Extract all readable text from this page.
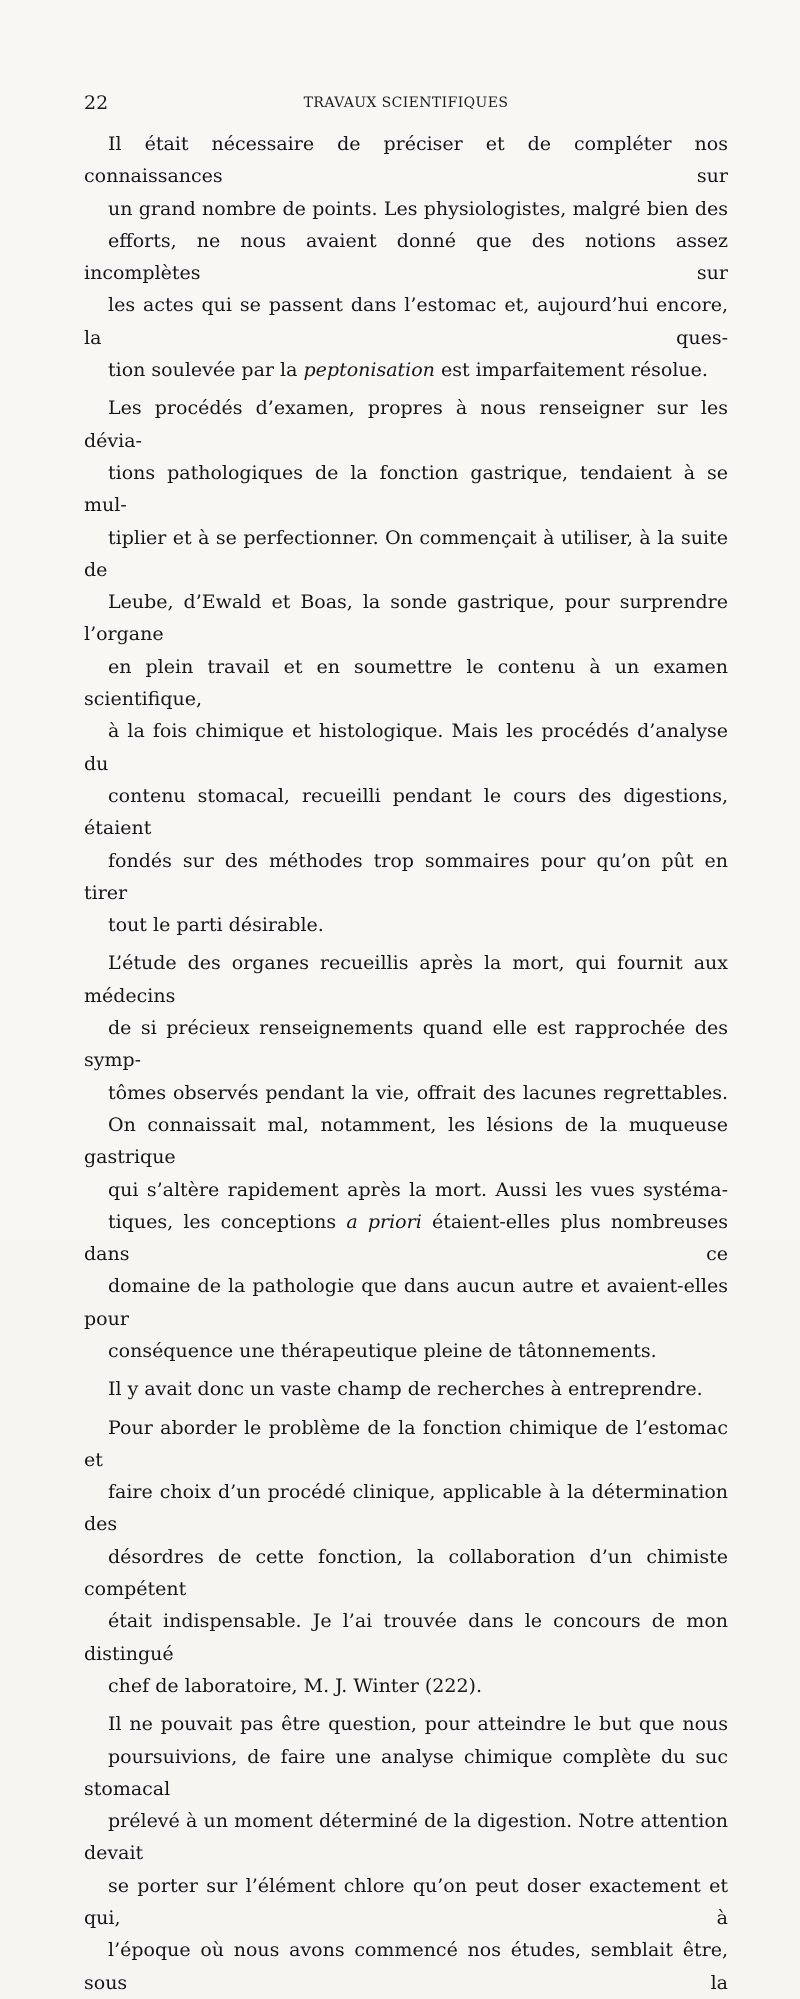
22	TRAVAUX SCIENTIFIQUES

Il était nécessaire de préciser et de compléter nos connaissances sur
un grand nombre de points. Les physiologistes, malgré bien des
efforts, ne nous avaient donné que des notions assez incomplètes sur
les actes qui se passent dans l’estomac et, aujourd’hui encore, la ques-
tion soulevée par la peptonisation est imparfaitement résolue.

Les procédés d’examen, propres à nous renseigner sur les dévia-
tions pathologiques de la fonction gastrique, tendaient à se mul-
tiplier et à se perfectionner. On commençait à utiliser, à la suite de
Leube, d’Ewald et Boas, la sonde gastrique, pour surprendre l’organe
en plein travail et en soumettre le contenu à un examen scientifique,
à la fois chimique et histologique. Mais les procédés d’analyse du
contenu stomacal, recueilli pendant le cours des digestions, étaient
fondés sur des méthodes trop sommaires pour qu’on pût en tirer
tout le parti désirable.

L’étude des organes recueillis après la mort, qui fournit aux médecins
de si précieux renseignements quand elle est rapprochée des symp-
tômes observés pendant la vie, offrait des lacunes regrettables.
On connaissait mal, notamment, les lésions de la muqueuse gastrique
qui s’altère rapidement après la mort. Aussi les vues systéma-
tiques, les conceptions a priori étaient-elles plus nombreuses dans ce
domaine de la pathologie que dans aucun autre et avaient-elles pour
conséquence une thérapeutique pleine de tâtonnements.

Il y avait donc un vaste champ de recherches à entreprendre.

Pour aborder le problème de la fonction chimique de l’estomac et
faire choix d’un procédé clinique, applicable à la détermination des
désordres de cette fonction, la collaboration d’un chimiste compétent
était indispensable. Je l’ai trouvée dans le concours de mon distingué
chef de laboratoire, M. J. Winter (222).

Il ne pouvait pas être question, pour atteindre le but que nous
poursuivions, de faire une analyse chimique complète du suc stomacal
prélevé à un moment déterminé de la digestion. Notre attention devait
se porter sur l’élément chlore qu’on peut doser exactement et qui, à
l’époque où nous avons commencé nos études, semblait être, sous la
